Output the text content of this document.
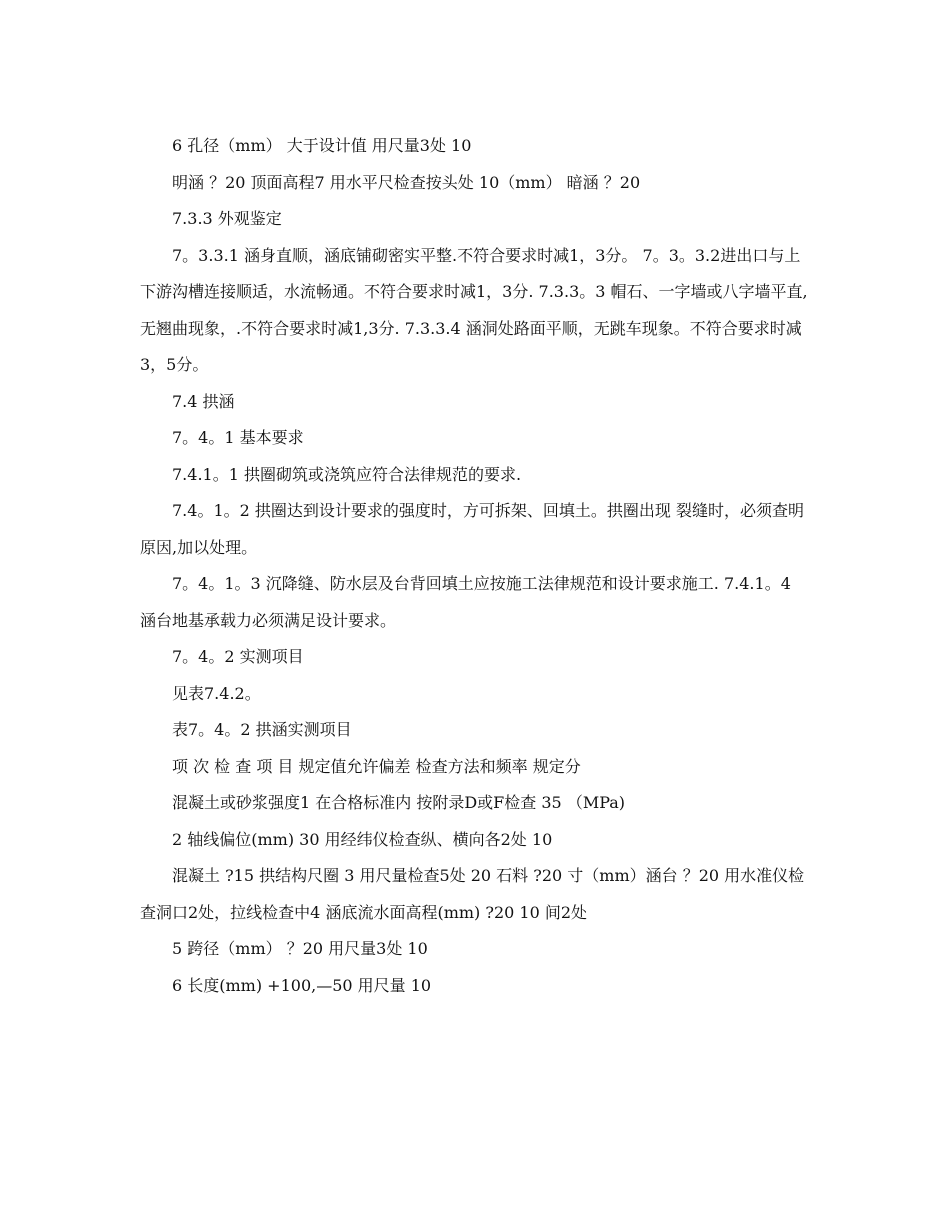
6 孔径（mm） 大于设计值 用尺量3处 10

明涵 ？20 顶面高程7 用水平尺检查按头处 10（mm） 暗涵 ？20

7.3.3 外观鉴定

7。3.3.1 涵身直顺，涵底铺砌密实平整.不符合要求时减1，3分。 7。3。3.2进出口与上下游沟槽连接顺适，水流畅通。不符合要求时减1，3分. 7.3.3。3 帽石、一字墙或八字墙平直,无翘曲现象，.不符合要求时减1,3分. 7.3.3.4 涵洞处路面平顺，无跳车现象。不符合要求时减3，5分。

7.4 拱涵

7。4。1 基本要求

7.4.1。1 拱圈砌筑或浇筑应符合法律规范的要求.

7.4。1。2 拱圈达到设计要求的强度时，方可拆架、回填土。拱圈出现 裂缝时，必须查明原因,加以处理。

7。4。1。3 沉降缝、防水层及台背回填土应按施工法律规范和设计要求施工. 7.4.1。4 涵台地基承载力必须满足设计要求。

7。4。2 实测项目

见表7.4.2。

表7。4。2 拱涵实测项目

项 次 检 查 项 目 规定值允许偏差 检查方法和频率 规定分

混凝土或砂浆强度1 在合格标准内 按附录D或F检查 35 （MPa)

2 轴线偏位(mm) 30 用经纬仪检查纵、横向各2处 10

混凝土 ?15 拱结构尺圈 3 用尺量检查5处 20 石料 ?20 寸（mm）涵台 ？20 用水准仪检查洞口2处，拉线检查中4 涵底流水面高程(mm) ?20 10 间2处

5 跨径（mm） ？20 用尺量3处 10

6 长度(mm) +100,—50 用尺量 10
